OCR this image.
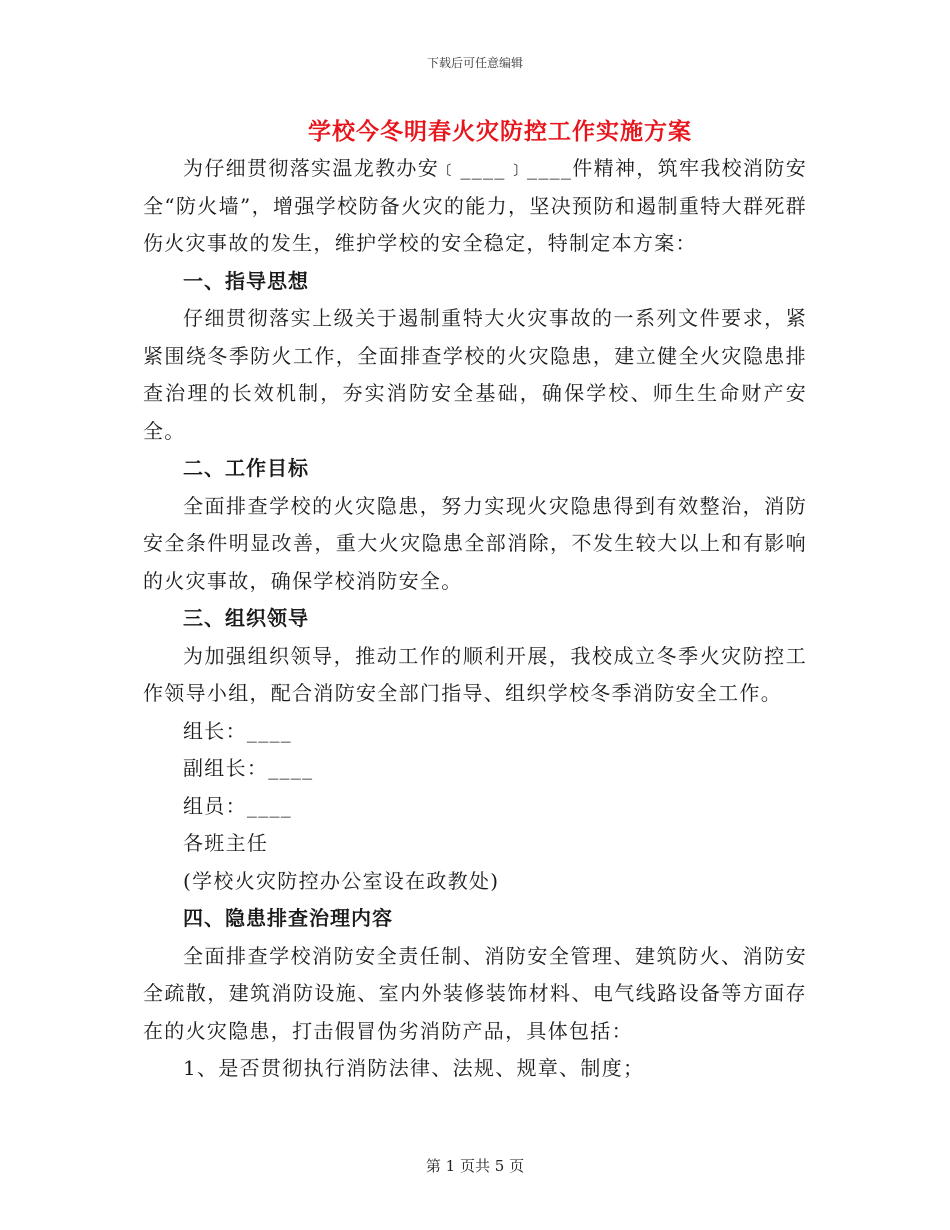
下载后可任意编辑
学校今冬明春火灾防控工作实施方案

为仔细贯彻落实温龙教办安﹝____﹞____件精神，筑牢我校消防安全“防火墙”，增强学校防备火灾的能力，坚决预防和遏制重特大群死群伤火灾事故的发生，维护学校的安全稳定，特制定本方案：

一、指导思想

仔细贯彻落实上级关于遏制重特大火灾事故的一系列文件要求，紧紧围绕冬季防火工作，全面排查学校的火灾隐患，建立健全火灾隐患排查治理的长效机制，夯实消防安全基础，确保学校、师生生命财产安全。

二、工作目标

全面排查学校的火灾隐患，努力实现火灾隐患得到有效整治，消防安全条件明显改善，重大火灾隐患全部消除，不发生较大以上和有影响的火灾事故，确保学校消防安全。

三、组织领导

为加强组织领导，推动工作的顺利开展，我校成立冬季火灾防控工作领导小组，配合消防安全部门指导、组织学校冬季消防安全工作。

组长：____

副组长：____

组员：____

各班主任

(学校火灾防控办公室设在政教处)

四、隐患排查治理内容

全面排查学校消防安全责任制、消防安全管理、建筑防火、消防安全疏散，建筑消防设施、室内外装修装饰材料、电气线路设备等方面存在的火灾隐患，打击假冒伪劣消防产品，具体包括：

1、是否贯彻执行消防法律、法规、规章、制度；

第 1 页共 5 页
